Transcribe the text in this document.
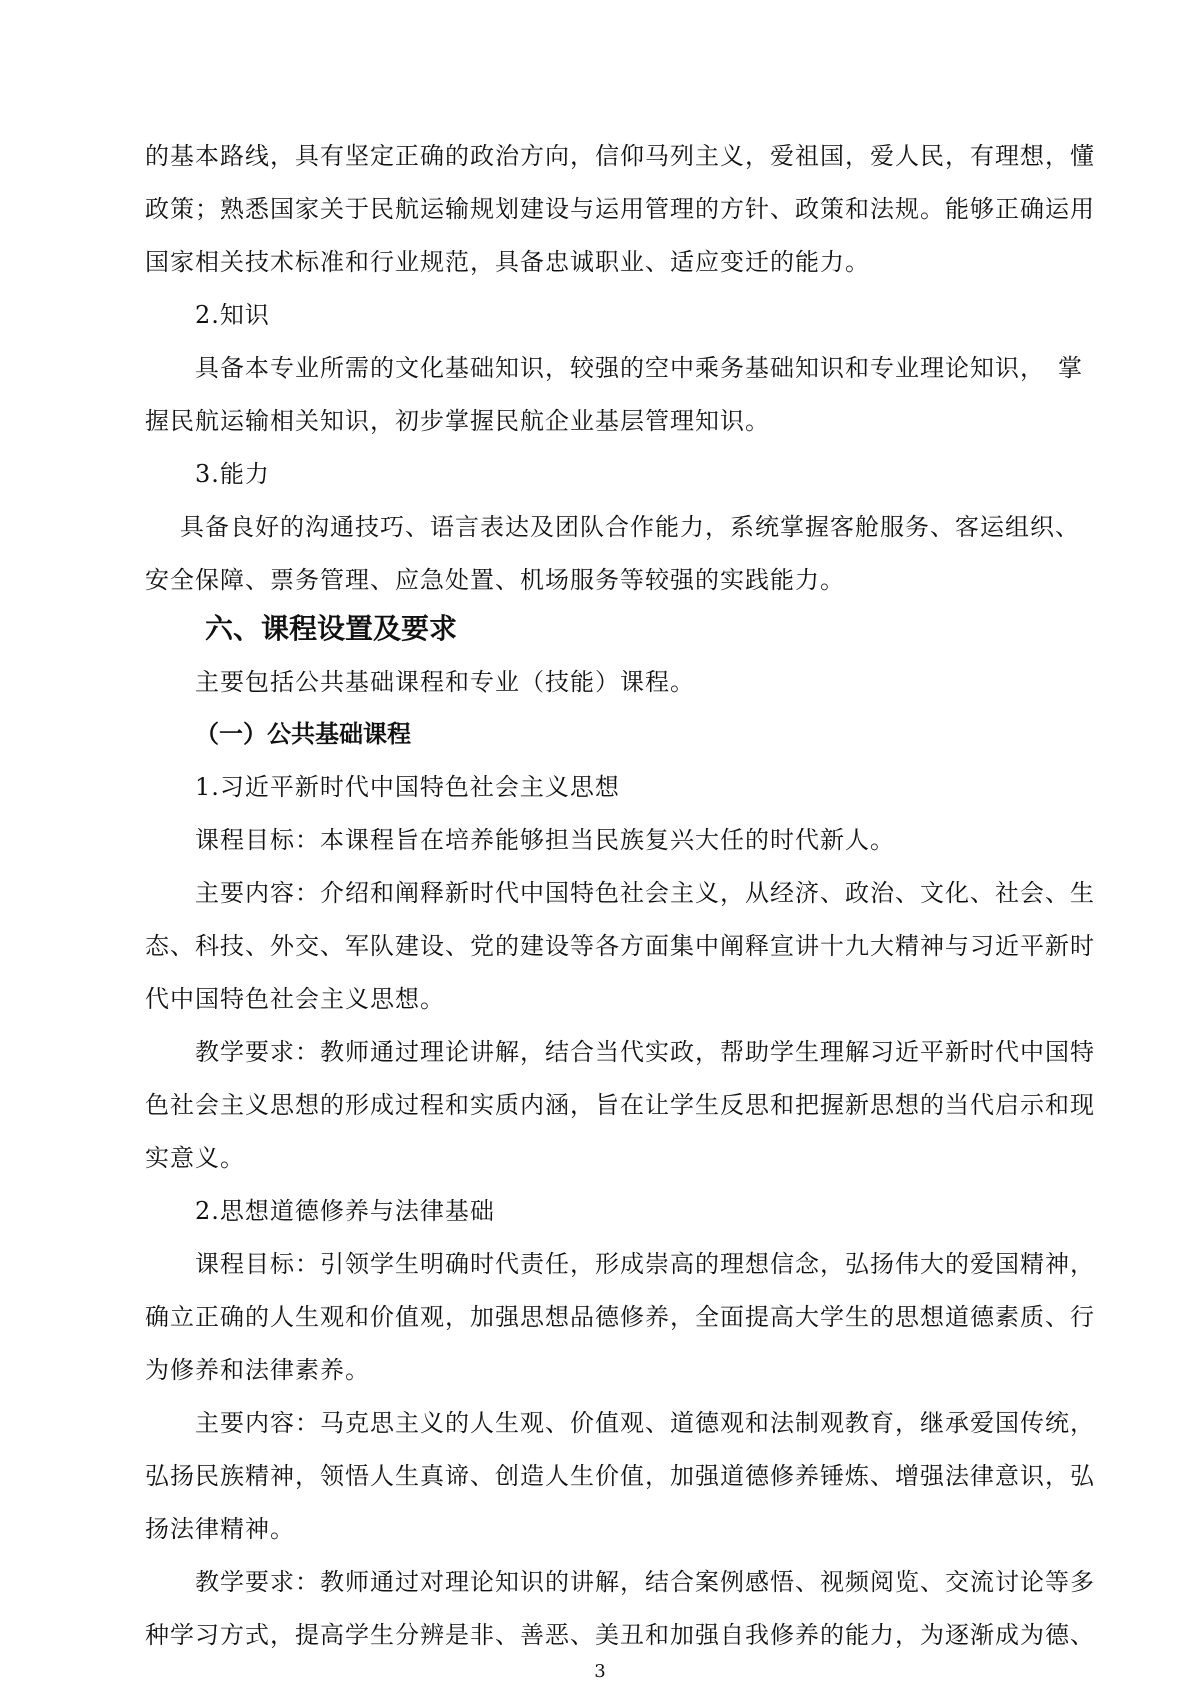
的基本路线，具有坚定正确的政治方向，信仰马列主义，爱祖国，爱人民，有理想，懂
政策；熟悉国家关于民航运输规划建设与运用管理的方针、政策和法规。能够正确运用
国家相关技术标准和行业规范，具备忠诚职业、适应变迁的能力。
2.知识
具备本专业所需的文化基础知识，较强的空中乘务基础知识和专业理论知识，　掌
握民航运输相关知识，初步掌握民航企业基层管理知识。
3.能力
具备良好的沟通技巧、语言表达及团队合作能力，系统掌握客舱服务、客运组织、
安全保障、票务管理、应急处置、机场服务等较强的实践能力。
六、课程设置及要求
主要包括公共基础课程和专业（技能）课程。
（一）公共基础课程
1.习近平新时代中国特色社会主义思想
课程目标：本课程旨在培养能够担当民族复兴大任的时代新人。
主要内容：介绍和阐释新时代中国特色社会主义，从经济、政治、文化、社会、生
态、科技、外交、军队建设、党的建设等各方面集中阐释宣讲十九大精神与习近平新时
代中国特色社会主义思想。
教学要求：教师通过理论讲解，结合当代实政，帮助学生理解习近平新时代中国特
色社会主义思想的形成过程和实质内涵，旨在让学生反思和把握新思想的当代启示和现
实意义。
2.思想道德修养与法律基础
课程目标：引领学生明确时代责任，形成崇高的理想信念，弘扬伟大的爱国精神，
确立正确的人生观和价值观，加强思想品德修养，全面提高大学生的思想道德素质、行
为修养和法律素养。
主要内容：马克思主义的人生观、价值观、道德观和法制观教育，继承爱国传统，
弘扬民族精神，领悟人生真谛、创造人生价值，加强道德修养锤炼、增强法律意识，弘
扬法律精神。
教学要求：教师通过对理论知识的讲解，结合案例感悟、视频阅览、交流讨论等多
种学习方式，提高学生分辨是非、善恶、美丑和加强自我修养的能力，为逐渐成为德、
3
